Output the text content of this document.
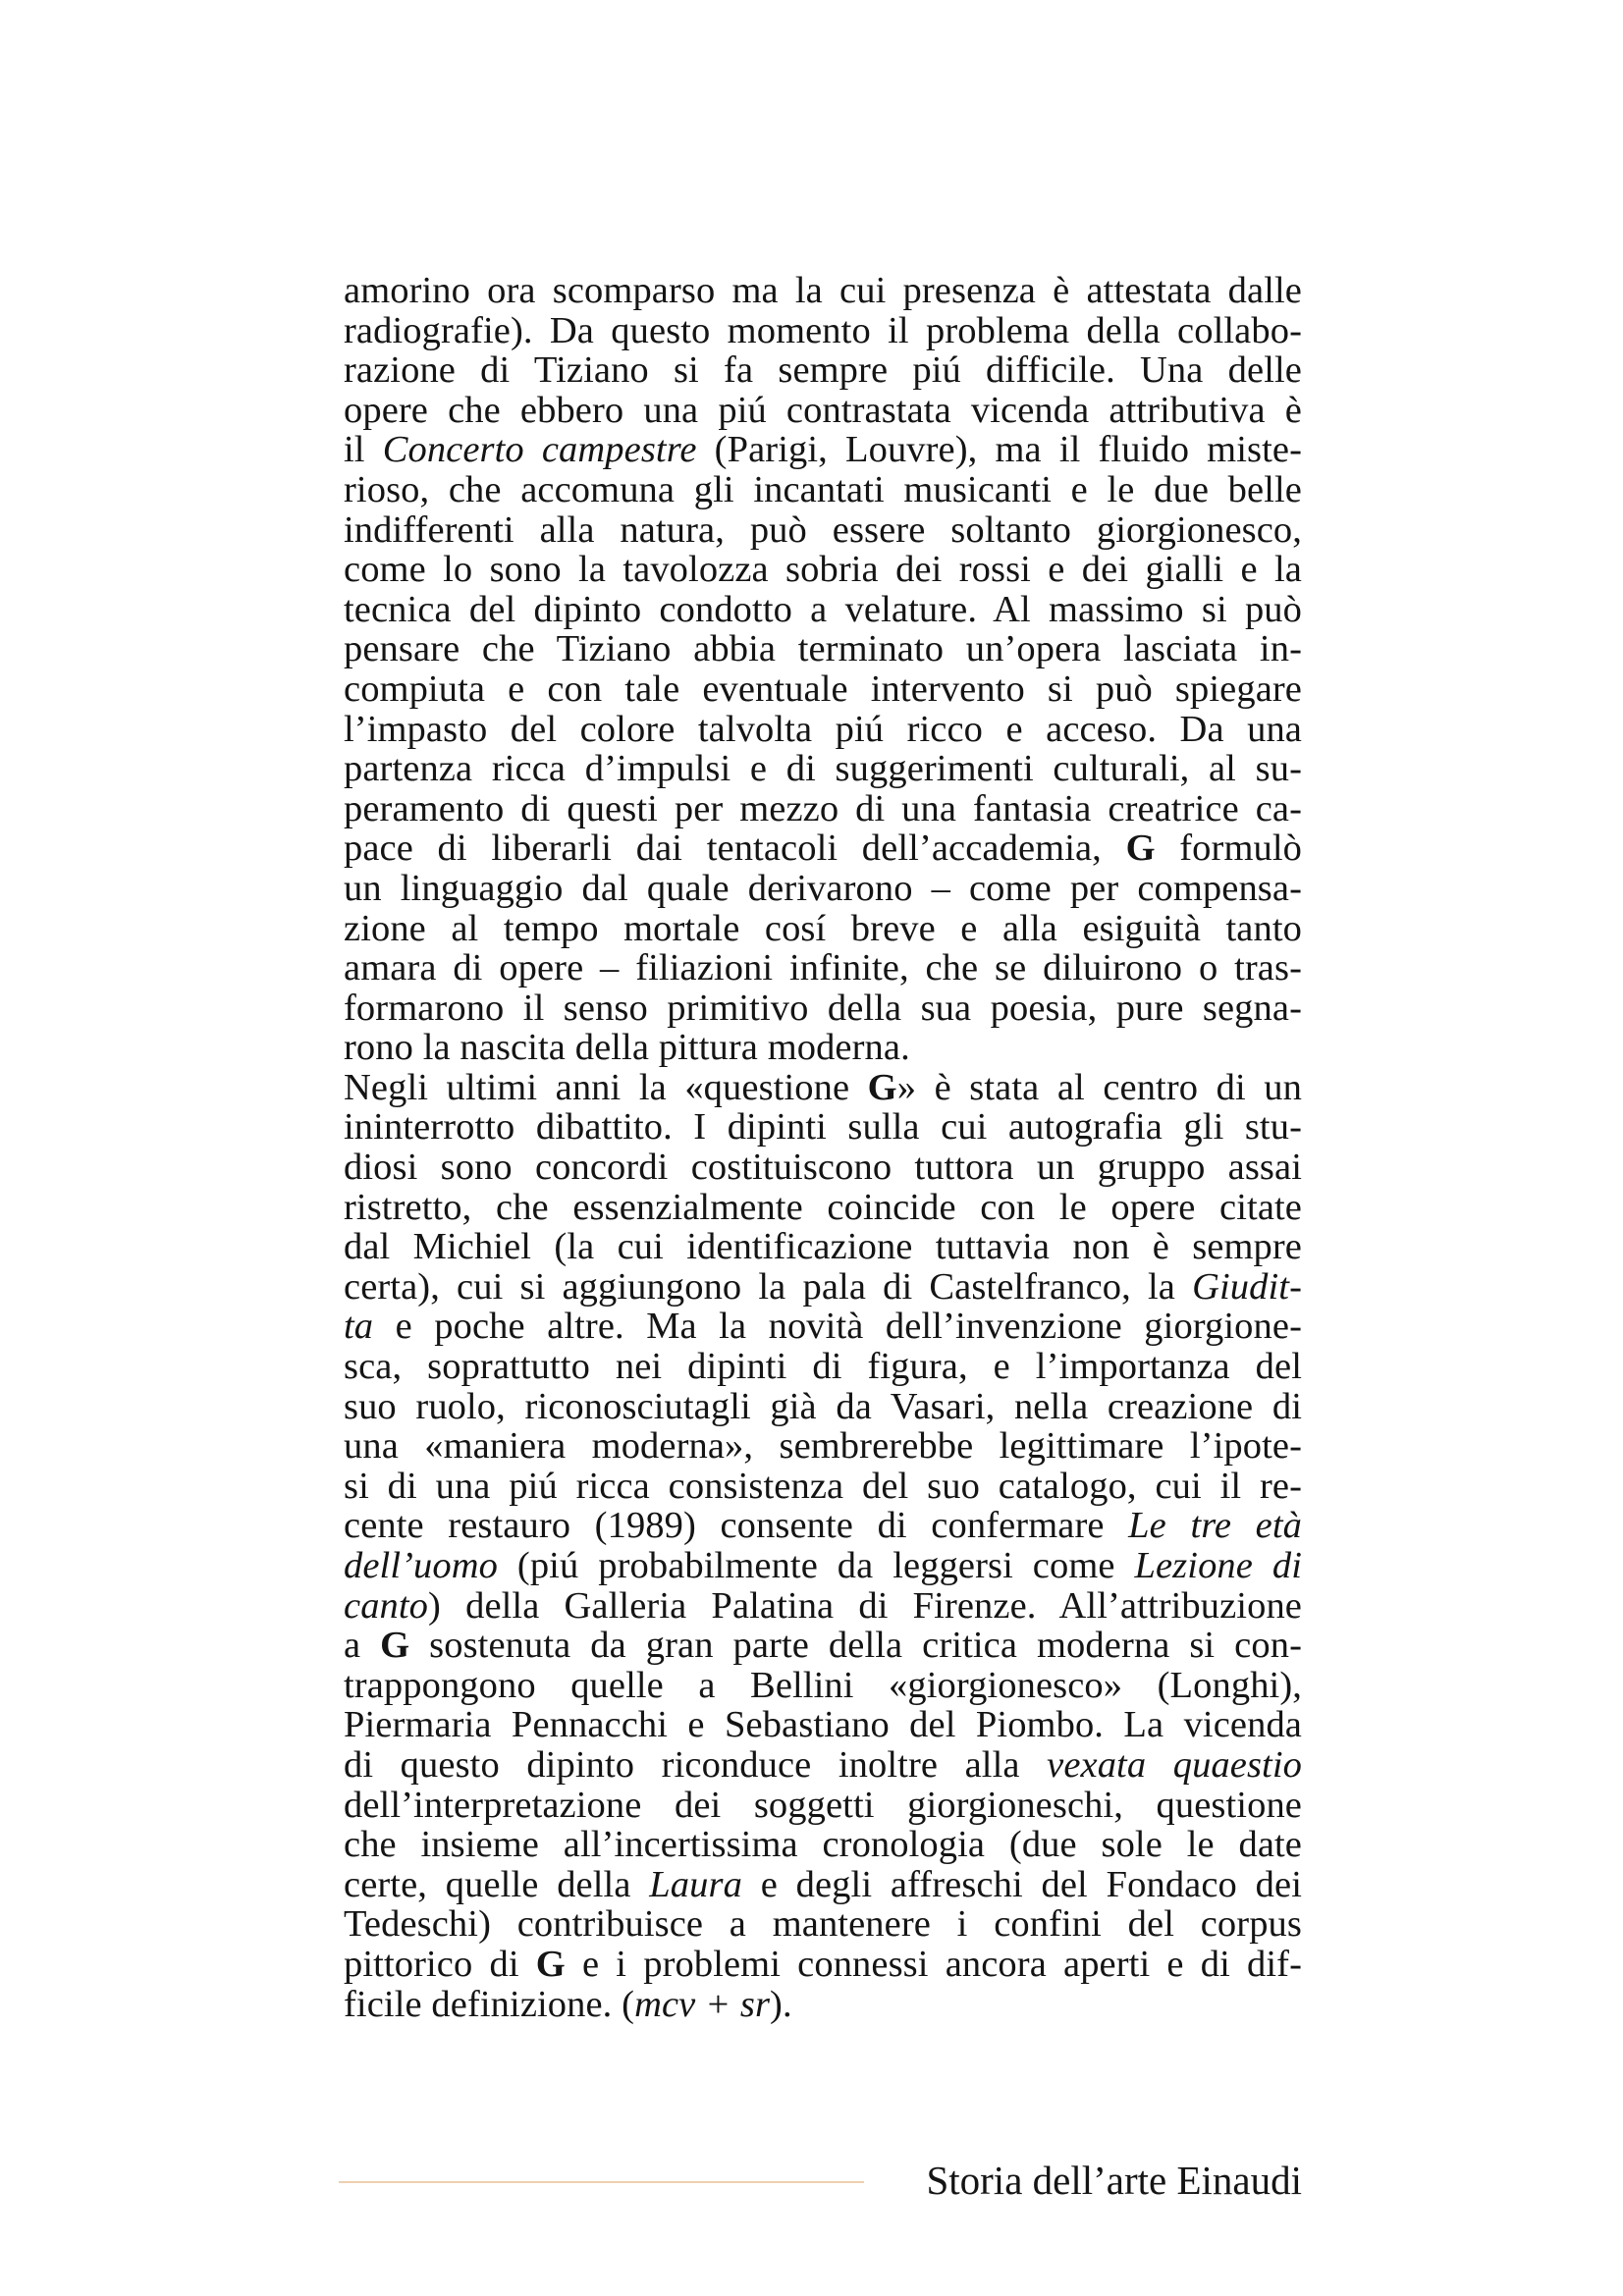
amorino ora scomparso ma la cui presenza è attestata dalle
radiografie). Da questo momento il problema della collabo-
razione di Tiziano si fa sempre piú difficile. Una delle
opere che ebbero una piú contrastata vicenda attributiva è
il Concerto campestre (Parigi, Louvre), ma il fluido miste-
rioso, che accomuna gli incantati musicanti e le due belle
indifferenti alla natura, può essere soltanto giorgionesco,
come lo sono la tavolozza sobria dei rossi e dei gialli e la
tecnica del dipinto condotto a velature. Al massimo si può
pensare che Tiziano abbia terminato un’opera lasciata in-
compiuta e con tale eventuale intervento si può spiegare
l’impasto del colore talvolta piú ricco e acceso. Da una
partenza ricca d’impulsi e di suggerimenti culturali, al su-
peramento di questi per mezzo di una fantasia creatrice ca-
pace di liberarli dai tentacoli dell’accademia, G formulò
un linguaggio dal quale derivarono – come per compensa-
zione al tempo mortale cosí breve e alla esiguità tanto
amara di opere – filiazioni infinite, che se diluirono o tras-
formarono il senso primitivo della sua poesia, pure segna-
rono la nascita della pittura moderna.
Negli ultimi anni la «questione G» è stata al centro di un
ininterrotto dibattito. I dipinti sulla cui autografia gli stu-
diosi sono concordi costituiscono tuttora un gruppo assai
ristretto, che essenzialmente coincide con le opere citate
dal Michiel (la cui identificazione tuttavia non è sempre
certa), cui si aggiungono la pala di Castelfranco, la Giudit-
ta e poche altre. Ma la novità dell’invenzione giorgione-
sca, soprattutto nei dipinti di figura, e l’importanza del
suo ruolo, riconosciutagli già da Vasari, nella creazione di
una «maniera moderna», sembrerebbe legittimare l’ipote-
si di una piú ricca consistenza del suo catalogo, cui il re-
cente restauro (1989) consente di confermare Le tre età
dell’uomo (piú probabilmente da leggersi come Lezione di
canto) della Galleria Palatina di Firenze. All’attribuzione
a G sostenuta da gran parte della critica moderna si con-
trappongono quelle a Bellini «giorgionesco» (Longhi),
Piermaria Pennacchi e Sebastiano del Piombo. La vicenda
di questo dipinto riconduce inoltre alla vexata quaestio
dell’interpretazione dei soggetti giorgioneschi, questione
che insieme all’incertissima cronologia (due sole le date
certe, quelle della Laura e degli affreschi del Fondaco dei
Tedeschi) contribuisce a mantenere i confini del corpus
pittorico di G e i problemi connessi ancora aperti e di dif-
ficile definizione. (mcv + sr).
Storia dell’arte Einaudi
